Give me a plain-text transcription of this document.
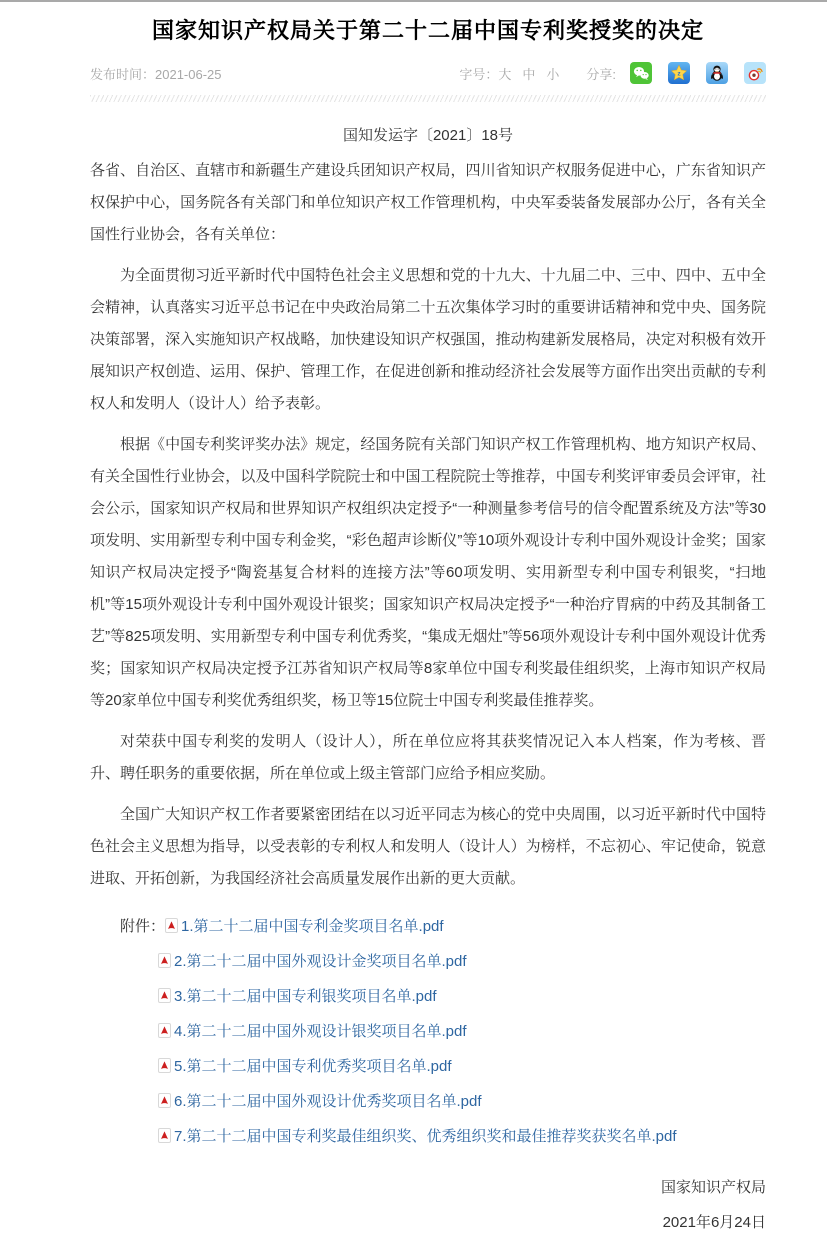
国家知识产权局关于第二十二届中国专利奖授奖的决定
发布时间：2021-06-25	字号： 大 中 小 分享:	z
国知发运字〔2021〕18号

各省、自治区、直辖市和新疆生产建设兵团知识产权局，四川省知识产权服务促进中心，广东省知识产权保护中心，国务院各有关部门和单位知识产权工作管理机构，中央军委装备发展部办公厅，各有关全国性行业协会，各有关单位：

为全面贯彻习近平新时代中国特色社会主义思想和党的十九大、十九届二中、三中、四中、五中全会精神，认真落实习近平总书记在中央政治局第二十五次集体学习时的重要讲话精神和党中央、国务院决策部署，深入实施知识产权战略，加快建设知识产权强国，推动构建新发展格局，决定对积极有效开展知识产权创造、运用、保护、管理工作，在促进创新和推动经济社会发展等方面作出突出贡献的专利权人和发明人（设计人）给予表彰。

根据《中国专利奖评奖办法》规定，经国务院有关部门知识产权工作管理机构、地方知识产权局、有关全国性行业协会，以及中国科学院院士和中国工程院院士等推荐，中国专利奖评审委员会评审，社会公示，国家知识产权局和世界知识产权组织决定授予“一种测量参考信号的信令配置系统及方法”等30项发明、实用新型专利中国专利金奖，“彩色超声诊断仪”等10项外观设计专利中国外观设计金奖；国家知识产权局决定授予“陶瓷基复合材料的连接方法”等60项发明、实用新型专利中国专利银奖，“扫地机”等15项外观设计专利中国外观设计银奖；国家知识产权局决定授予“一种治疗胃病的中药及其制备工艺”等825项发明、实用新型专利中国专利优秀奖，“集成无烟灶”等56项外观设计专利中国外观设计优秀奖；国家知识产权局决定授予江苏省知识产权局等8家单位中国专利奖最佳组织奖，上海市知识产权局等20家单位中国专利奖优秀组织奖，杨卫等15位院士中国专利奖最佳推荐奖。

对荣获中国专利奖的发明人（设计人），所在单位应将其获奖情况记入本人档案，作为考核、晋升、聘任职务的重要依据，所在单位或上级主管部门应给予相应奖励。

全国广大知识产权工作者要紧密团结在以习近平同志为核心的党中央周围，以习近平新时代中国特色社会主义思想为指导，以受表彰的专利权人和发明人（设计人）为榜样，不忘初心、牢记使命，锐意进取、开拓创新，为我国经济社会高质量发展作出新的更大贡献。

附件： 1.第二十二届中国专利金奖项目名单.pdf
2.第二十二届中国外观设计金奖项目名单.pdf
3.第二十二届中国专利银奖项目名单.pdf
4.第二十二届中国外观设计银奖项目名单.pdf
5.第二十二届中国专利优秀奖项目名单.pdf
6.第二十二届中国外观设计优秀奖项目名单.pdf
7.第二十二届中国专利奖最佳组织奖、优秀组织奖和最佳推荐奖获奖名单.pdf
国家知识产权局
2021年6月24日
